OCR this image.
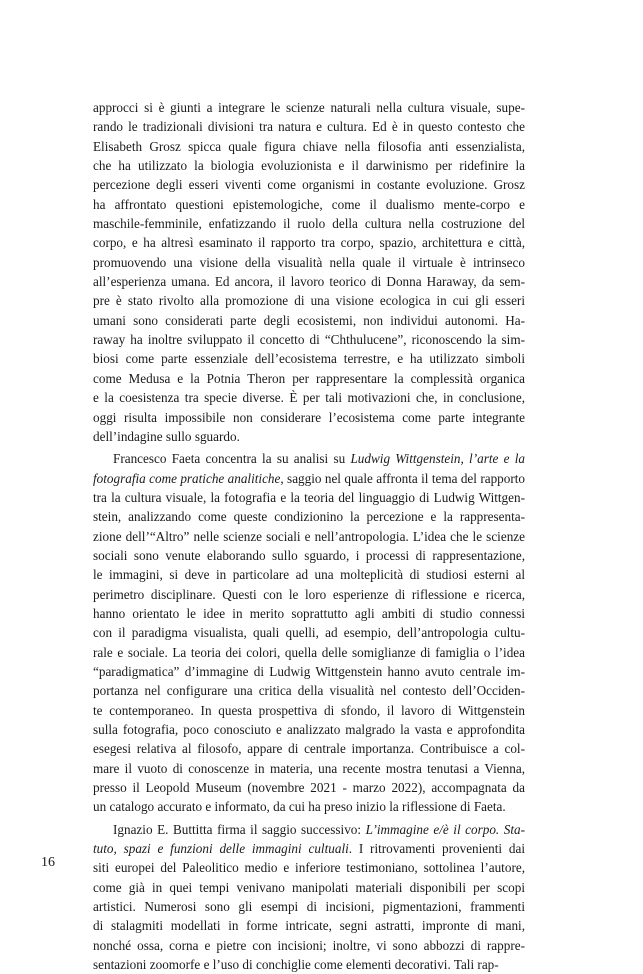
approcci si è giunti a integrare le scienze naturali nella cultura visuale, supe-
rando le tradizionali divisioni tra natura e cultura. Ed è in questo contesto che
Elisabeth Grosz spicca quale figura chiave nella filosofia anti essenzialista,
che ha utilizzato la biologia evoluzionista e il darwinismo per ridefinire la
percezione degli esseri viventi come organismi in costante evoluzione. Grosz
ha affrontato questioni epistemologiche, come il dualismo mente-corpo e
maschile-femminile, enfatizzando il ruolo della cultura nella costruzione del
corpo, e ha altresì esaminato il rapporto tra corpo, spazio, architettura e città,
promuovendo una visione della visualità nella quale il virtuale è intrinseco
all’esperienza umana. Ed ancora, il lavoro teorico di Donna Haraway, da sem-
pre è stato rivolto alla promozione di una visione ecologica in cui gli esseri
umani sono considerati parte degli ecosistemi, non individui autonomi. Ha-
raway ha inoltre sviluppato il concetto di “Chthulucene”, riconoscendo la sim-
biosi come parte essenziale dell’ecosistema terrestre, e ha utilizzato simboli
come Medusa e la Potnia Theron per rappresentare la complessità organica
e la coesistenza tra specie diverse. È per tali motivazioni che, in conclusione,
oggi risulta impossibile non considerare l’ecosistema come parte integrante
dell’indagine sullo sguardo.
Francesco Faeta concentra la su analisi su Ludwig Wittgenstein, l’arte e la
fotografia come pratiche analitiche, saggio nel quale affronta il tema del rapporto
tra la cultura visuale, la fotografia e la teoria del linguaggio di Ludwig Wittgen-
stein, analizzando come queste condizionino la percezione e la rappresenta-
zione dell’“Altro” nelle scienze sociali e nell’antropologia. L’idea che le scienze
sociali sono venute elaborando sullo sguardo, i processi di rappresentazione,
le immagini, si deve in particolare ad una molteplicità di studiosi esterni al
perimetro disciplinare. Questi con le loro esperienze di riflessione e ricerca,
hanno orientato le idee in merito soprattutto agli ambiti di studio connessi
con il paradigma visualista, quali quelli, ad esempio, dell’antropologia cultu-
rale e sociale. La teoria dei colori, quella delle somiglianze di famiglia o l’idea
“paradigmatica” d’immagine di Ludwig Wittgenstein hanno avuto centrale im-
portanza nel configurare una critica della visualità nel contesto dell’Occiden-
te contemporaneo. In questa prospettiva di sfondo, il lavoro di Wittgenstein
sulla fotografia, poco conosciuto e analizzato malgrado la vasta e approfondita
esegesi relativa al filosofo, appare di centrale importanza. Contribuisce a col-
mare il vuoto di conoscenze in materia, una recente mostra tenutasi a Vienna,
presso il Leopold Museum (novembre 2021 - marzo 2022), accompagnata da
un catalogo accurato e informato, da cui ha preso inizio la riflessione di Faeta.
Ignazio E. Buttitta firma il saggio successivo: L’immagine e/è il corpo. Sta-
tuto, spazi e funzioni delle immagini cultuali. I ritrovamenti provenienti dai
siti europei del Paleolitico medio e inferiore testimoniano, sottolinea l’autore,
come già in quei tempi venivano manipolati materiali disponibili per scopi
artistici. Numerosi sono gli esempi di incisioni, pigmentazioni, frammenti
di stalagmiti modellati in forme intricate, segni astratti, impronte di mani,
nonché ossa, corna e pietre con incisioni; inoltre, vi sono abbozzi di rappre-
sentazioni zoomorfe e l’uso di conchiglie come elementi decorativi. Tali rap-
16
